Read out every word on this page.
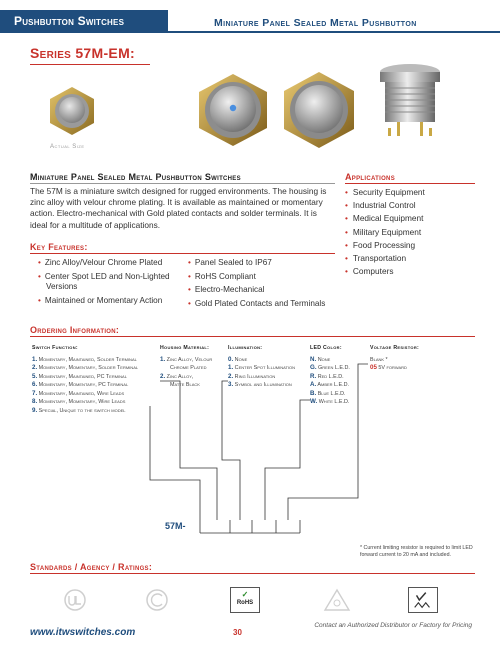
Pushbutton Switches	Miniature Panel Sealed Metal Pushbutton
Series 57M-EM:
Actual Size
Miniature Panel Sealed Metal Pushbutton Switches
The 57M is a miniature switch designed for rugged environments. The housing is zinc alloy with velour chrome plating. It is available as maintained or momentary action. Electro-mechanical with Gold plated contacts and solder terminals. It is ideal for a multitude of applications.
Applications
• Security Equipment
• Industrial Control
• Medical Equipment
• Military Equipment
• Food Processing
• Transportation
• Computers
Key Features:
• Zinc Alloy/Velour Chrome Plated
• Center Spot LED and Non-Lighted Versions
• Maintained or Momentary Action
• Panel Sealed to IP67
• RoHS Compliant
• Electro-Mechanical
• Gold Plated Contacts and Terminals
Ordering Information:
Switch Function:
1. Momentary, Maintained, Solder Terminal
2. Momentary, Momentary, Solder Terminal
5. Momentary, Maintained, PC Terminal
6. Momentary, Momentary, PC Terminal
7. Momentary, Maintained, Wire Leads
8. Momentary, Momentary, Wire Leads
9. Special, Unique to the switch model
Housing Material:
1. Zinc Alloy, Velour
Chrome Plated
2. Zinc Alloy,
Matte Black
Illumination:
0. None
1. Center Spot Illumination
2. Ring Illumination
3. Symbol and Illumination
LED Color:
N. None
G. Green L.E.D.
R. Red L.E.D.
A. Amber L.E.D.
B. Blue L.E.D.
W. White L.E.D.
Voltage Resistor:
Blank *
05 5V forward
57M-
* Current limiting resistor is required to limit LED forward current to 20 mA and included.
Standards / Agency / Ratings:
✓
RoHS
www.itwswitches.com	30
Contact an Authorized Distributor or Factory for Pricing
